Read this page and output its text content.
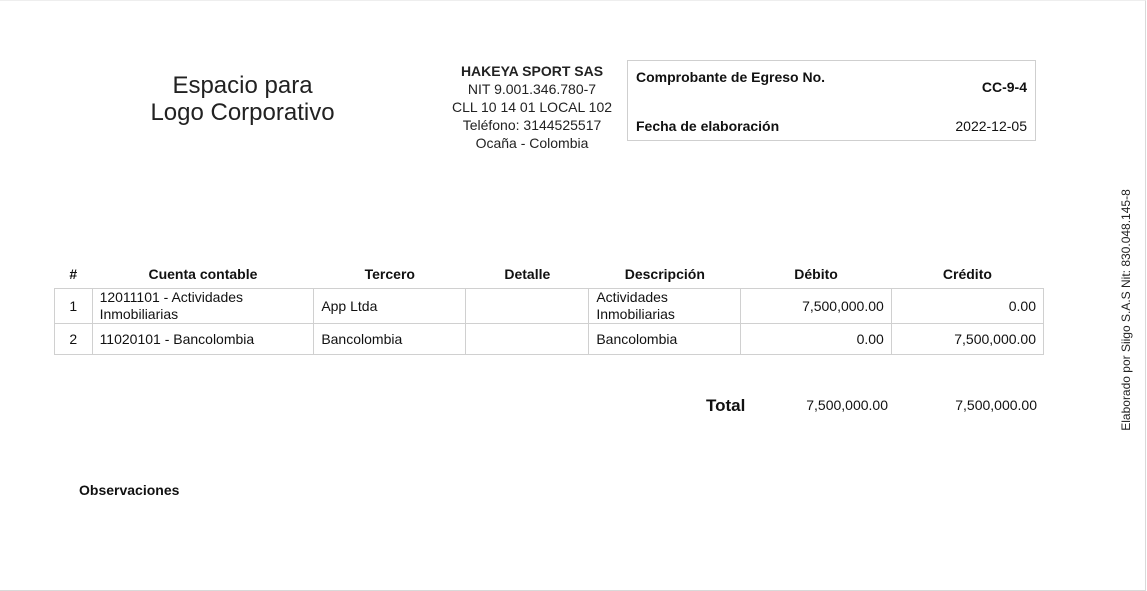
Espacio para
Logo Corporativo
HAKEYA SPORT SAS
NIT 9.001.346.780-7
CLL 10 14 01 LOCAL 102
Teléfono: 3144525517
Ocaña - Colombia
Comprobante de Egreso No.
CC-9-4
Fecha de elaboración	2022-12-05
Elaborado por Siigo S.A.S Nit: 830.048.145-8
#	Cuenta contable	Tercero	Detalle	Descripción	Débito	Crédito
1	12011101 - Actividades Inmobiliarias	App Ltda		Actividades Inmobiliarias	7,500,000.00	0.00
2	11020101 - Bancolombia	Bancolombia		Bancolombia	0.00	7,500,000.00
Total	7,500,000.00	7,500,000.00
Observaciones
